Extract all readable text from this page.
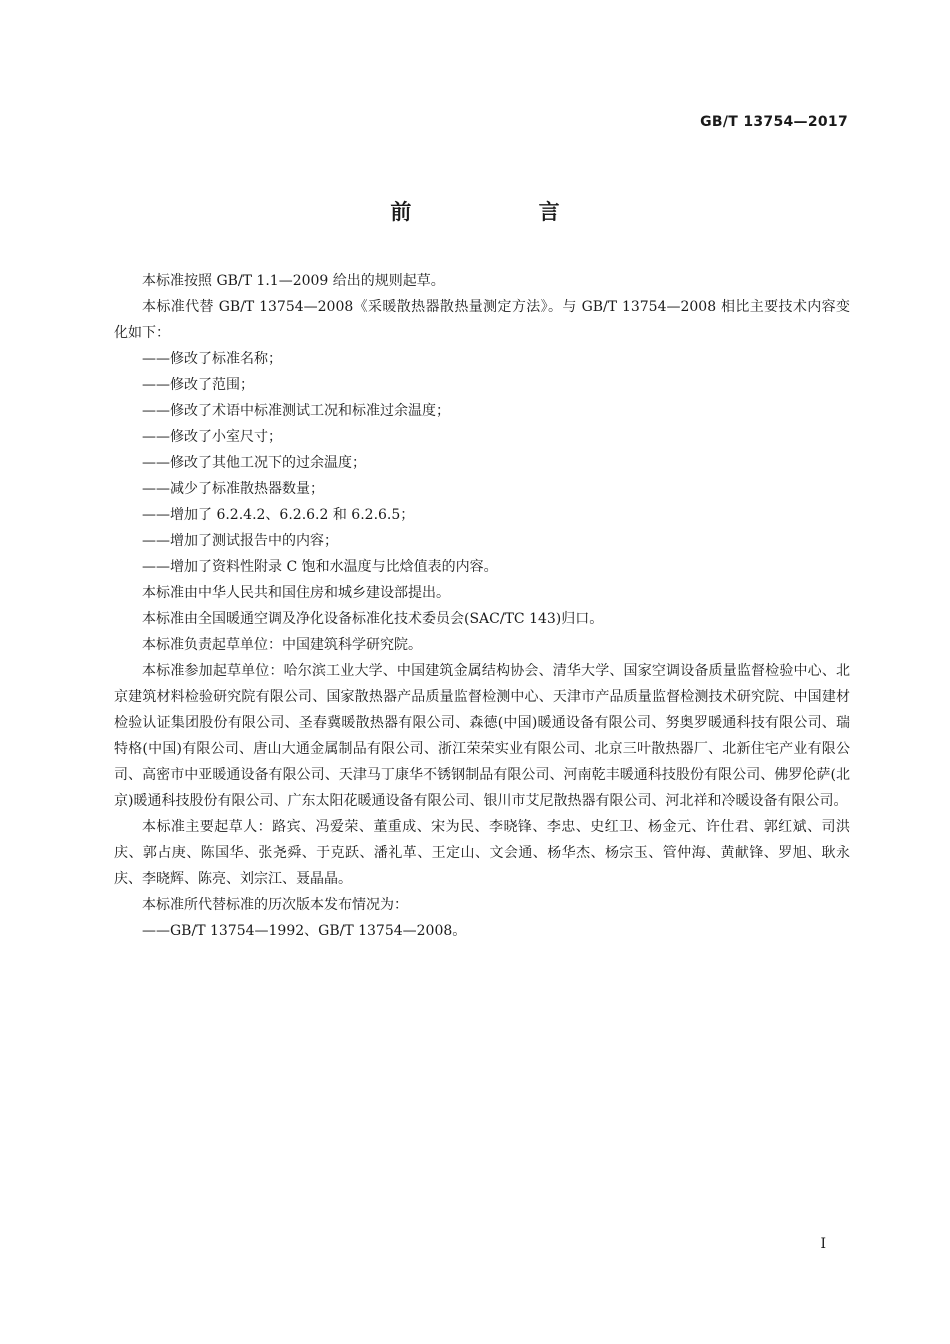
GB/T 13754—2017
前 言

本标准按照 GB/T 1.1—2009 给出的规则起草。

本标准代替 GB/T 13754—2008《采暖散热器散热量测定方法》。与 GB/T 13754—2008 相比主要技术内容变化如下：

——修改了标准名称；

——修改了范围；

——修改了术语中标准测试工况和标准过余温度；

——修改了小室尺寸；

——修改了其他工况下的过余温度；

——减少了标准散热器数量；

——增加了 6.2.4.2、6.2.6.2 和 6.2.6.5；

——增加了测试报告中的内容；

——增加了资料性附录 C 饱和水温度与比焓值表的内容。

本标准由中华人民共和国住房和城乡建设部提出。

本标准由全国暖通空调及净化设备标准化技术委员会(SAC/TC 143)归口。

本标准负责起草单位：中国建筑科学研究院。

本标准参加起草单位：哈尔滨工业大学、中国建筑金属结构协会、清华大学、国家空调设备质量监督检验中心、北京建筑材料检验研究院有限公司、国家散热器产品质量监督检测中心、天津市产品质量监督检测技术研究院、中国建材检验认证集团股份有限公司、圣春冀暖散热器有限公司、森德(中国)暖通设备有限公司、努奥罗暖通科技有限公司、瑞特格(中国)有限公司、唐山大通金属制品有限公司、浙江荣荣实业有限公司、北京三叶散热器厂、北新住宅产业有限公司、高密市中亚暖通设备有限公司、天津马丁康华不锈钢制品有限公司、河南乾丰暖通科技股份有限公司、佛罗伦萨(北京)暖通科技股份有限公司、广东太阳花暖通设备有限公司、银川市艾尼散热器有限公司、河北祥和冷暖设备有限公司。

本标准主要起草人：路宾、冯爱荣、董重成、宋为民、李晓锋、李忠、史红卫、杨金元、许仕君、郭红斌、司洪庆、郭占庚、陈国华、张尧舜、于克跃、潘礼革、王定山、文会通、杨华杰、杨宗玉、管仲海、黄献锋、罗旭、耿永庆、李晓辉、陈亮、刘宗江、聂晶晶。

本标准所代替标准的历次版本发布情况为：

——GB/T 13754—1992、GB/T 13754—2008。

I
